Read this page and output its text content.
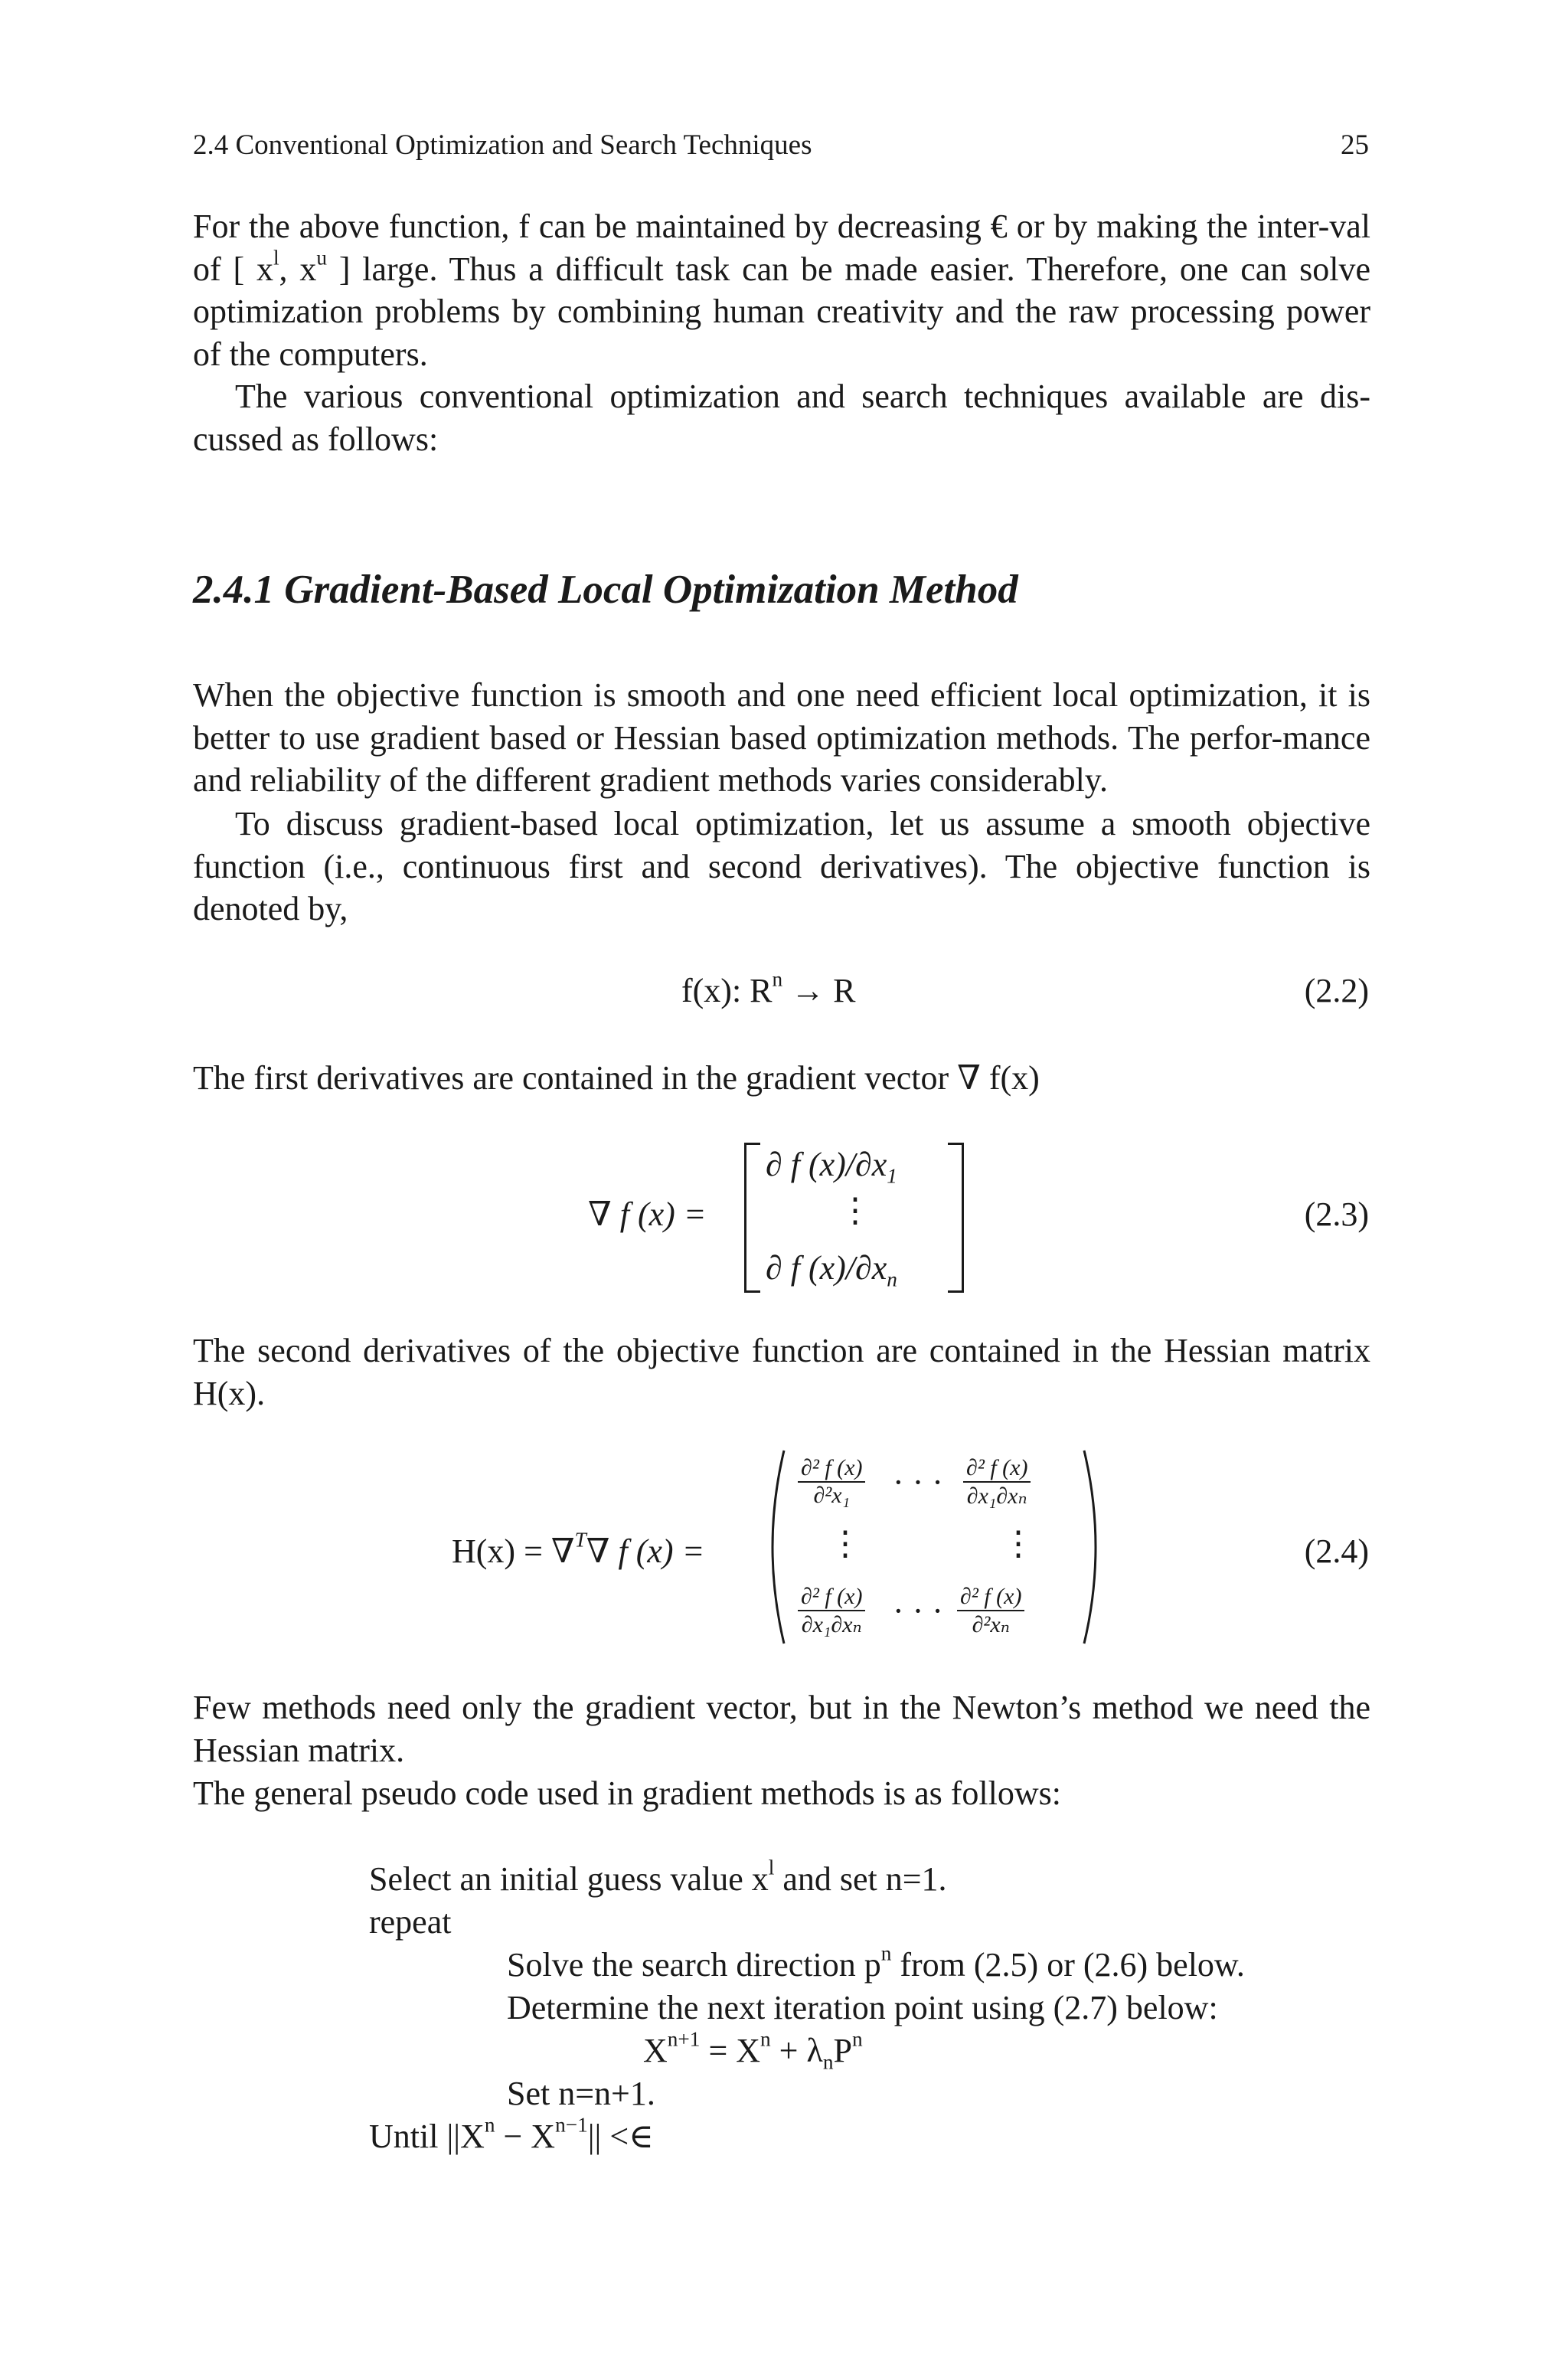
2.4 Conventional Optimization and Search Techniques	25
For the above function, f can be maintained by decreasing € or by making the inter-val of [ $x^l$, $x^u$ ] large. Thus a difficult task can be made easier. Therefore, one can solve optimization problems by combining human creativity and the raw processing power of the computers.
The various conventional optimization and search techniques available are dis-cussed as follows:
2.4.1 Gradient-Based Local Optimization Method
When the objective function is smooth and one need efficient local optimization, it is better to use gradient based or Hessian based optimization methods. The perfor-mance and reliability of the different gradient methods varies considerably.
To discuss gradient-based local optimization, let us assume a smooth objective function (i.e., continuous first and second derivatives). The objective function is denoted by,
f(x): $R^n \to R$	(2.2)
The first derivatives are contained in the gradient vector ∇ f(x)
∇ f (x) =
∂ f $(x)/\partial x_1$
⋮
∂ f $(x)/\partial x_n$
(2.3)
The second derivatives of the objective function are contained in the Hessian matrix H(x).
H(x) = ∇$^T$∇ f (x) =
$\frac{\text{∂² f (x)}}{\text{∂²x₁}}$ · · · $\frac{\text{∂² f (x)}}{\text{∂x₁∂xₙ}}$
⋮	⋮
$\frac{\text{∂² f (x)}}{\text{∂x₁∂xₙ}}$ · · · $\frac{\text{∂² f (x)}}{\text{∂²xₙ}}$
(2.4)
Few methods need only the gradient vector, but in the Newton’s method we need the Hessian matrix.
The general pseudo code used in gradient methods is as follows:
Select an initial guess value $x^l$ and set n=1.
repeat
Solve the search direction $p^n$ from (2.5) or (2.6) below.
Determine the next iteration point using (2.7) below:
$X^{n+1} = X^n + \lambda_nP^n$
Set n=n+1.
Until $||X^n - X^{n-1}||$ <∈
